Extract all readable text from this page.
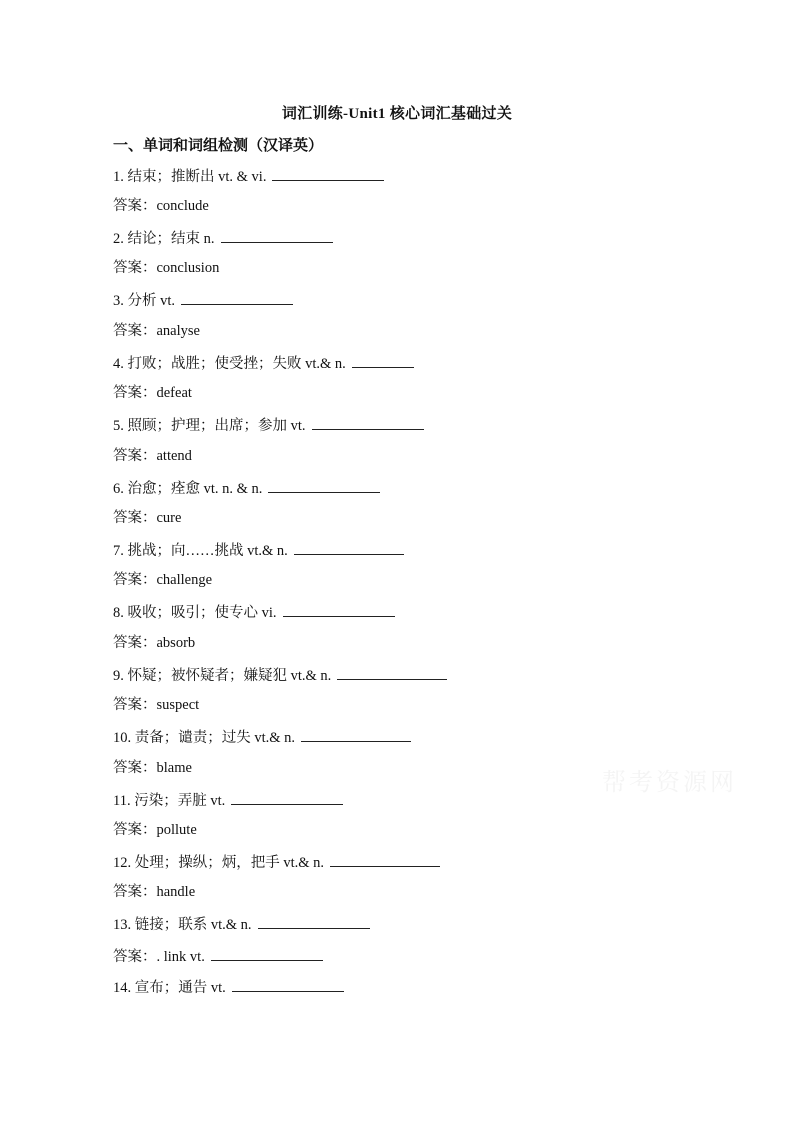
词汇训练-Unit1 核心词汇基础过关
一、单词和词组检测（汉译英）
1. 结束；推断出 vt. & vi.
答案：conclude
2. 结论；结束 n.
答案：conclusion
3. 分析 vt.
答案：analyse
4. 打败；战胜；使受挫；失败 vt.& n.
答案：defeat
5. 照顾；护理；出席；参加 vt.
答案：attend
6. 治愈；痊愈 vt. n. & n.
答案：cure
7. 挑战；向……挑战 vt.& n.
答案：challenge
8. 吸收；吸引；使专心 vi.
答案：absorb
9. 怀疑；被怀疑者；嫌疑犯 vt.& n.
答案：suspect
10. 责备；谴责；过失 vt.& n.
答案：blame
11. 污染；弄脏 vt.
答案：pollute
12. 处理；操纵；炳，把手 vt.& n.
答案：handle
13. 链接；联系 vt.& n.
答案：. link vt.
14. 宣布；通告 vt.
帮考资源网
